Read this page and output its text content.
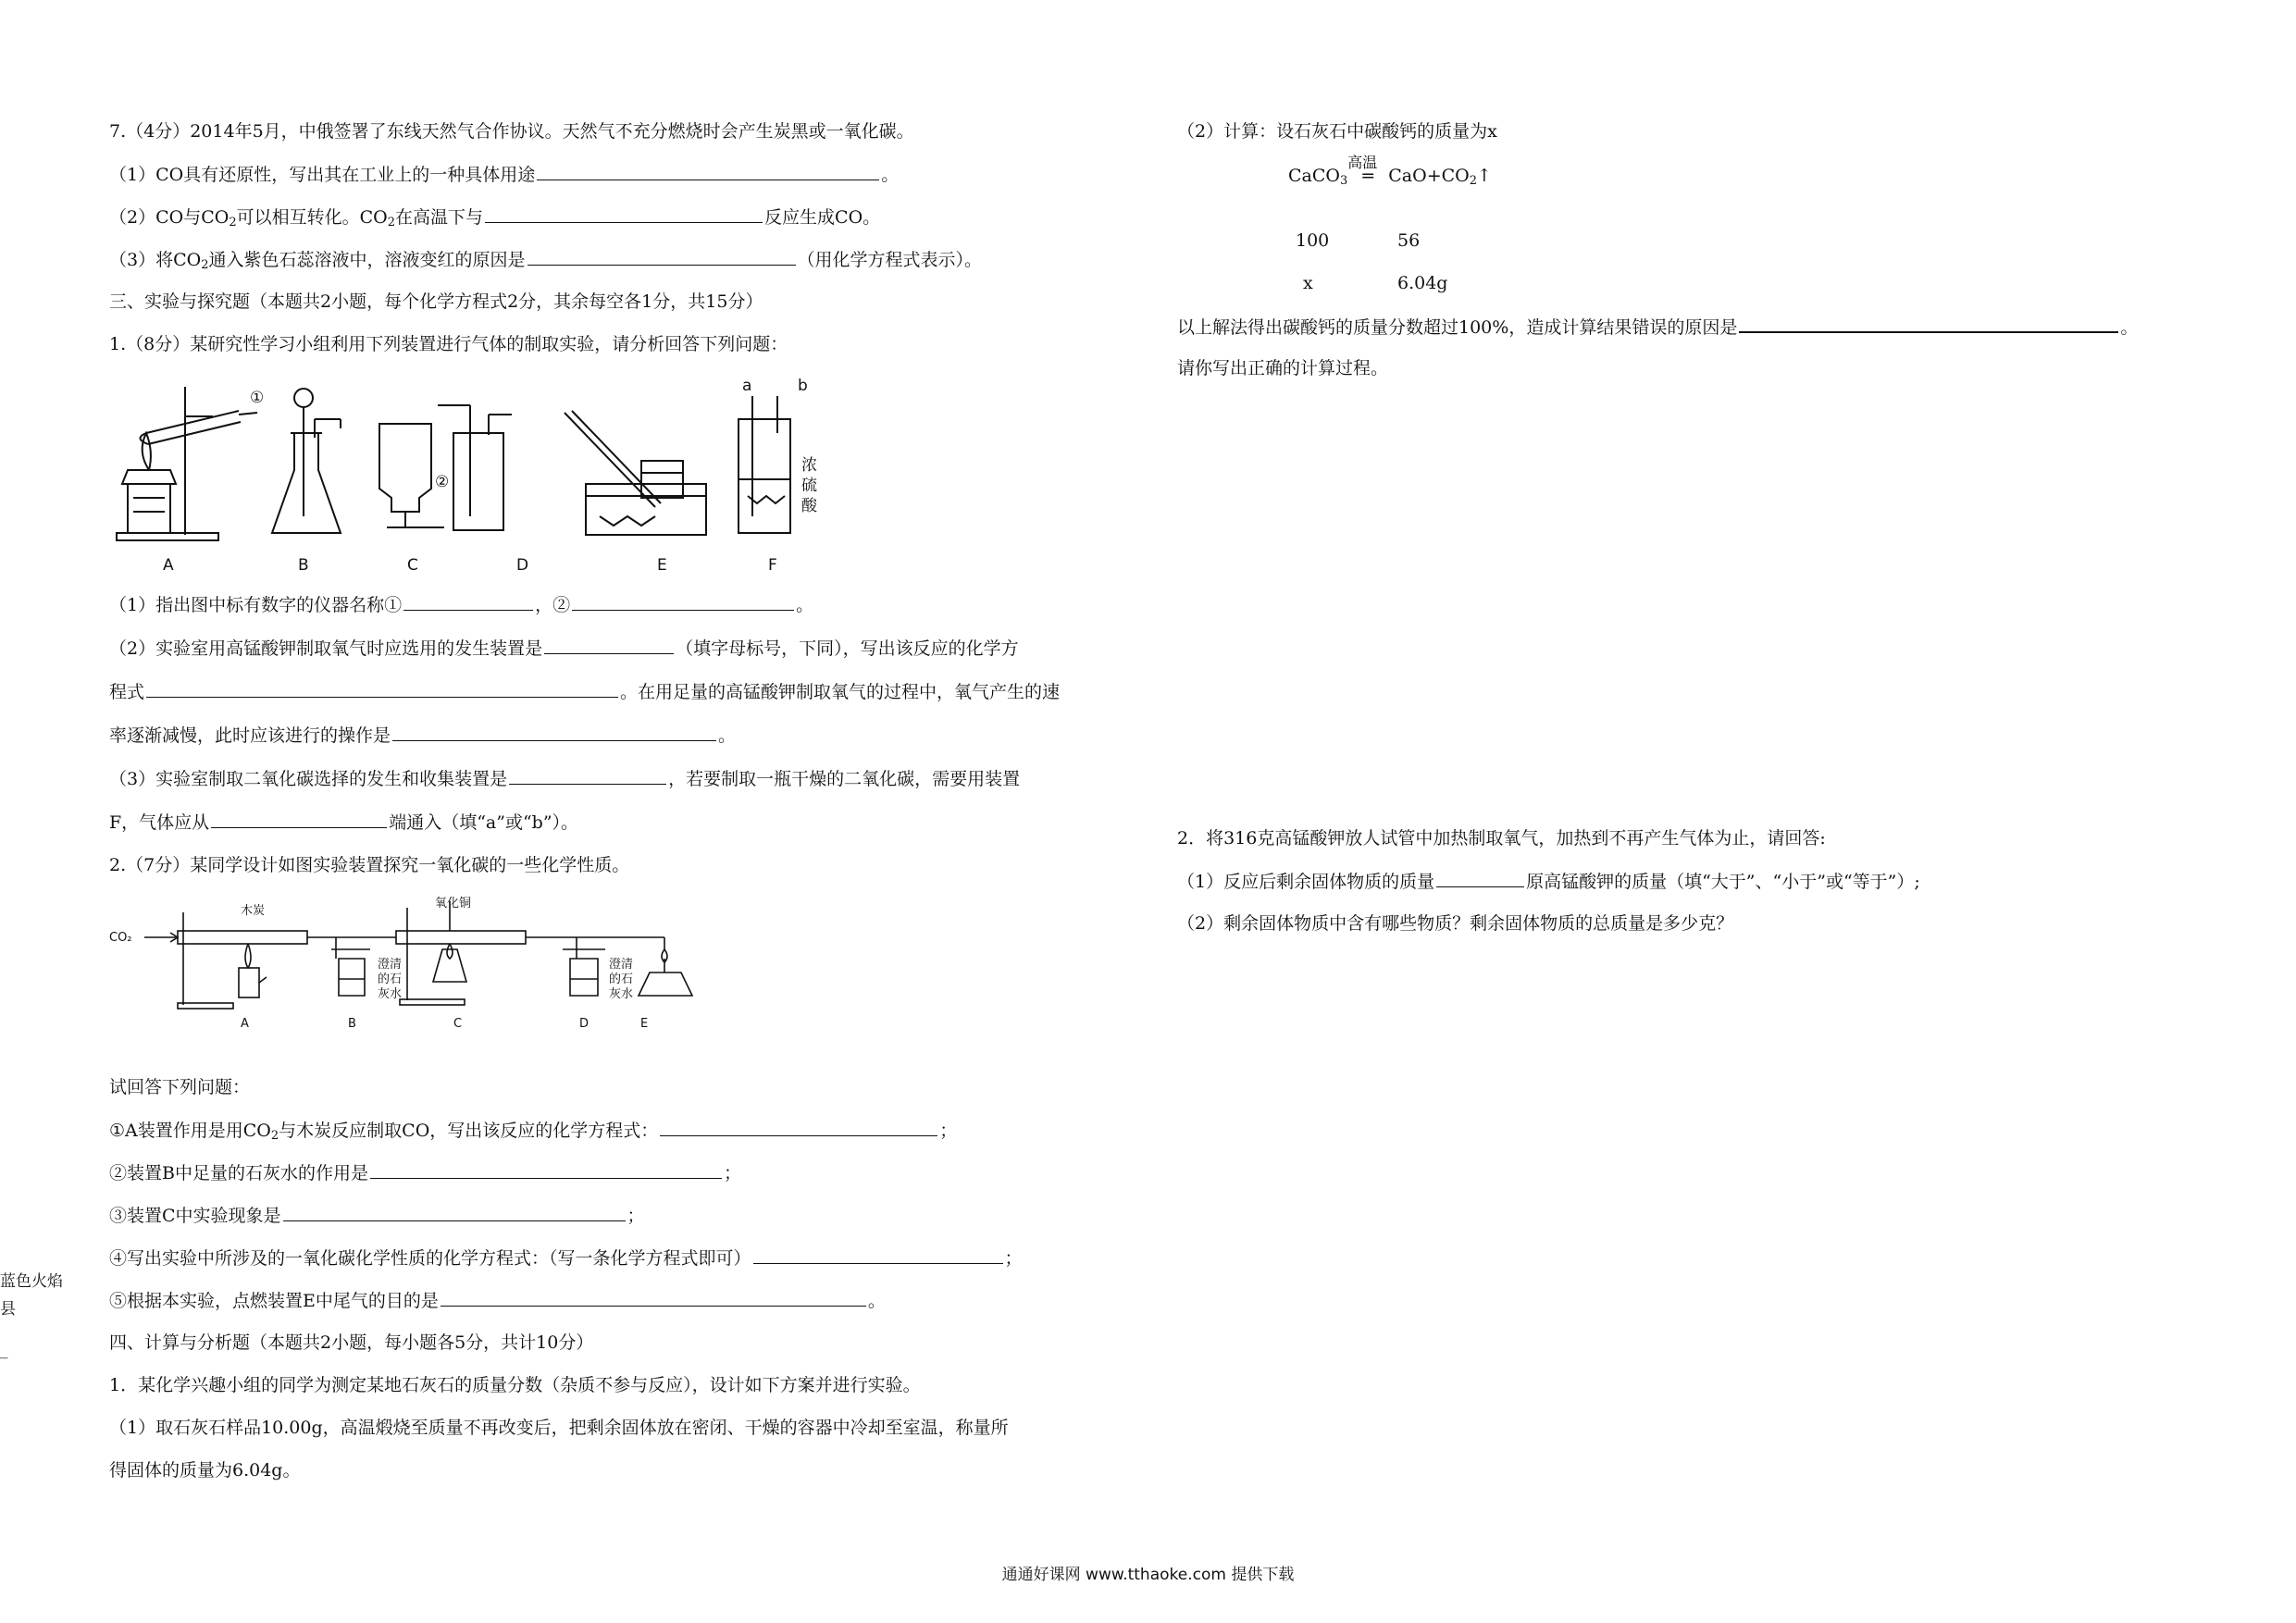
7.（4分）2014年5月，中俄签署了东线天然气合作协议。天然气不充分燃烧时会产生炭黑或一氧化碳。
（1）CO具有还原性，写出其在工业上的一种具体用途	。
（2）CO与$CO_2$可以相互转化。$CO_2$在高温下与	反应生成CO。
（3）将$CO_2$通入紫色石蕊溶液中，溶液变红的原因是	（用化学方程式表示）。
三、实验与探究题（本题共2小题，每个化学方程式2分，其余每空各1分，共15分）
1.（8分）某研究性学习小组利用下列装置进行气体的制取实验，请分析回答下列问题：
A	B	C	D	E	F
①
②
a	b
浓
硫
酸
（1）指出图中标有数字的仪器名称①	，②	。
（2）实验室用高锰酸钾制取氧气时应选用的发生装置是	（填字母标号，下同），写出该反应的化学方
程式	。在用足量的高锰酸钾制取氧气的过程中，氧气产生的速
率逐渐减慢，此时应该进行的操作是	。
（3）实验室制取二氧化碳选择的发生和收集装置是	，若要制取一瓶干燥的二氧化碳，需要用装置
F，气体应从	端通入（填“a”或“b”）。
2.（7分）某同学设计如图实验装置探究一氧化碳的一些化学性质。
CO₂
木炭
氧化铜
澄清
的石
灰水
澄清
的石
灰水
A	B	C	D	E
试回答下列问题：
①A装置作用是用$CO_2$与木炭反应制取CO，写出该反应的化学方程式：	；
②装置B中足量的石灰水的作用是	；
③装置C中实验现象是	；
④写出实验中所涉及的一氧化碳化学性质的化学方程式：（写一条化学方程式即可）	；
⑤根据本实验，点燃装置E中尾气的目的是	。
四、计算与分析题（本题共2小题，每小题各5分，共计10分）
1．某化学兴趣小组的同学为测定某地石灰石的质量分数（杂质不参与反应），设计如下方案并进行实验。
（1）取石灰石样品10.00g，高温煅烧至质量不再改变后，把剩余固体放在密闭、干燥的容器中冷却至室温，称量所
得固体的质量为6.04g。
（2）计算：设石灰石中碳酸钙的质量为x
CaCO$_3$
高温
= $CaO+CO_2↑$
100	56
x	6.04g
以上解法得出碳酸钙的质量分数超过100%，造成计算结果错误的原因是	。
请你写出正确的计算过程。
2．将316克高锰酸钾放人试管中加热制取氧气，加热到不再产生气体为止，请回答:
（1）反应后剩余固体物质的质量	原高锰酸钾的质量（填“大于”、“小于”或“等于”）;
（2）剩余固体物质中含有哪些物质？剩余固体物质的总质量是多少克？
蓝色火焰
县
_
通通好课网 www.tthaoke.com 提供下载
